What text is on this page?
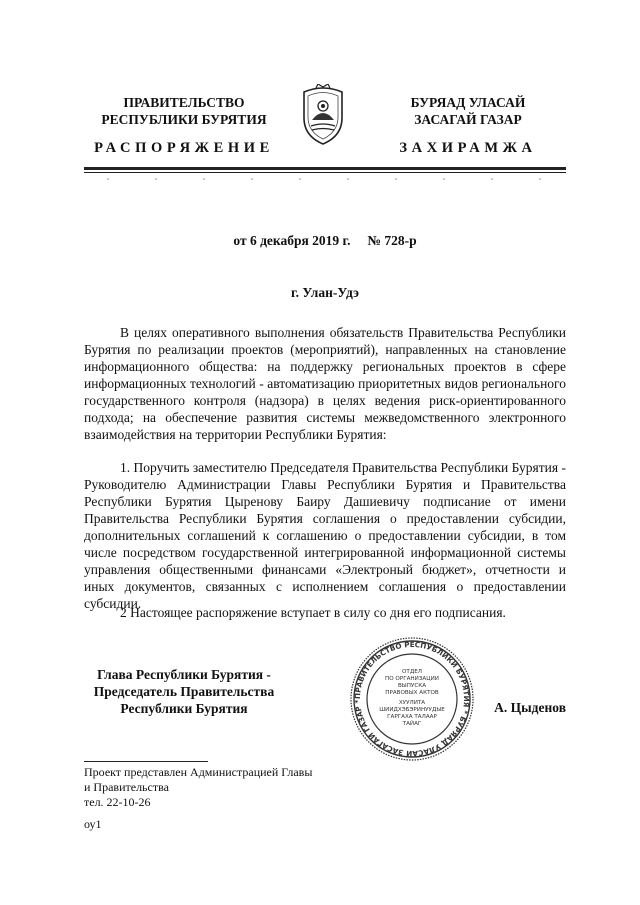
ПРАВИТЕЛЬСТВО
РЕСПУБЛИКИ БУРЯТИЯ
БУРЯАД УЛАСАЙ
ЗАСАГАЙ ГАЗАР
РАСПОРЯЖЕНИЕ	ЗАХИРАМЖА
от 6 декабря 2019 г.     № 728-р
г. Улан-Удэ
В целях оперативного выполнения обязательств Правительства Республики Бурятия по реализации проектов (мероприятий), направленных на становление информационного общества: на поддержку региональных проектов в сфере информационных технологий - автоматизацию приоритетных видов регионального государственного контроля (надзора) в целях ведения риск-ориентированного подхода; на обеспечение развития системы межведомственного электронного взаимодействия на территории Республики Бурятия:
1. Поручить заместителю Председателя Правительства Республики Бурятия - Руководителю Администрации Главы Республики Бурятия и Правительства Республики Бурятия Цыренову Баиру Дашиевичу подписание от имени Правительства Республики Бурятия соглашения о предоставлении субсидии, дополнительных соглашений к соглашению о предоставлении субсидии, в том числе посредством государственной интегрированной информационной системы управления общественными финансами «Электроный бюджет», отчетности и иных документов, связанных с исполнением соглашения о предоставлении субсидии.
2 Настоящее распоряжение вступает в силу со дня его подписания.
Глава Республики Бурятия -
Председатель Правительства
Республики Бурятия
ПРАВИТЕЛЬСТВО РЕСПУБЛИКИ БУРЯТИЯ * БУРЯАД УЛАСАЙ ЗАСАГАЙ ГАЗАР *
ОТДЕЛ
ПО ОРГАНИЗАЦИИ
ВЫПУСКА
ПРАВОВЫХ АКТОВ
ХУУЛИТА
ШИИДХЭБЭРИНУУДЫЕ
ГАРГАХА ТАЛААР
ТАЙАГ
А. Цыденов
Проект представлен Администрацией Главы
и Правительства
тел. 22-10-26
оу1
